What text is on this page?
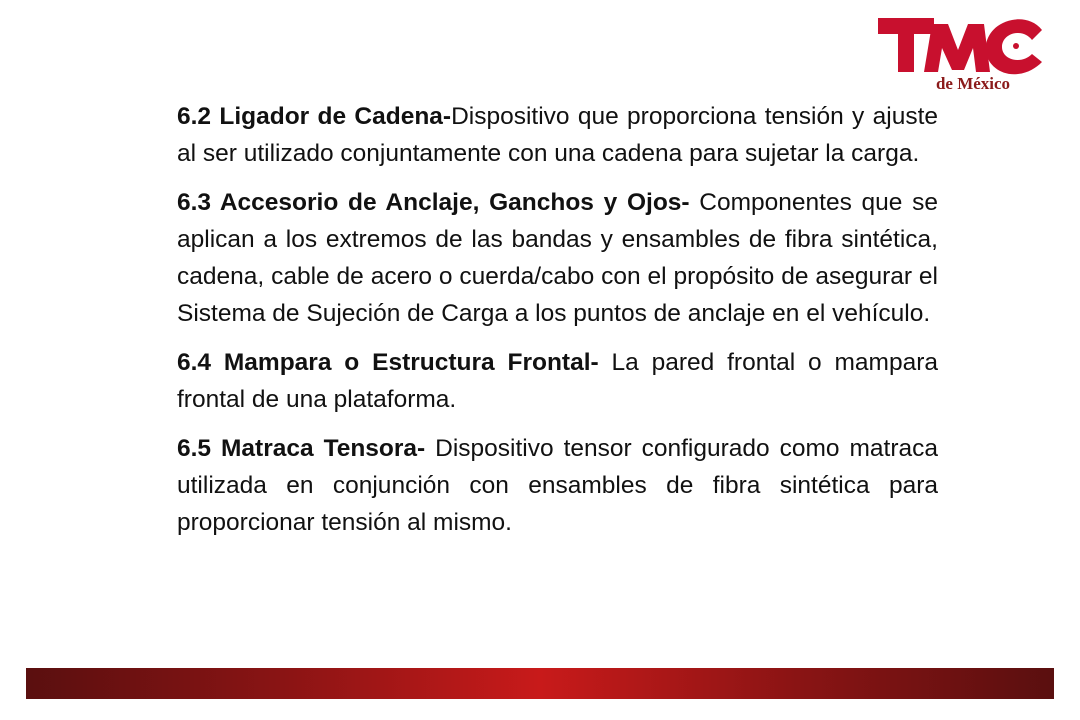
de México

6.2 Ligador de Cadena-Dispositivo que proporciona tensión y ajuste al ser utilizado conjuntamente con una cadena para sujetar la carga.

6.3 Accesorio de Anclaje, Ganchos y Ojos- Componentes que se aplican a los extremos de las bandas y ensambles de fibra sintética, cadena, cable de acero o cuerda/cabo con el propósito de asegurar el Sistema de Sujeción de Carga a los puntos de anclaje en el vehículo.

6.4 Mampara o Estructura Frontal- La pared frontal o mampara frontal de una plataforma.

6.5 Matraca Tensora- Dispositivo tensor configurado como matraca utilizada en conjunción con ensambles de fibra sintética para proporcionar tensión al mismo.
